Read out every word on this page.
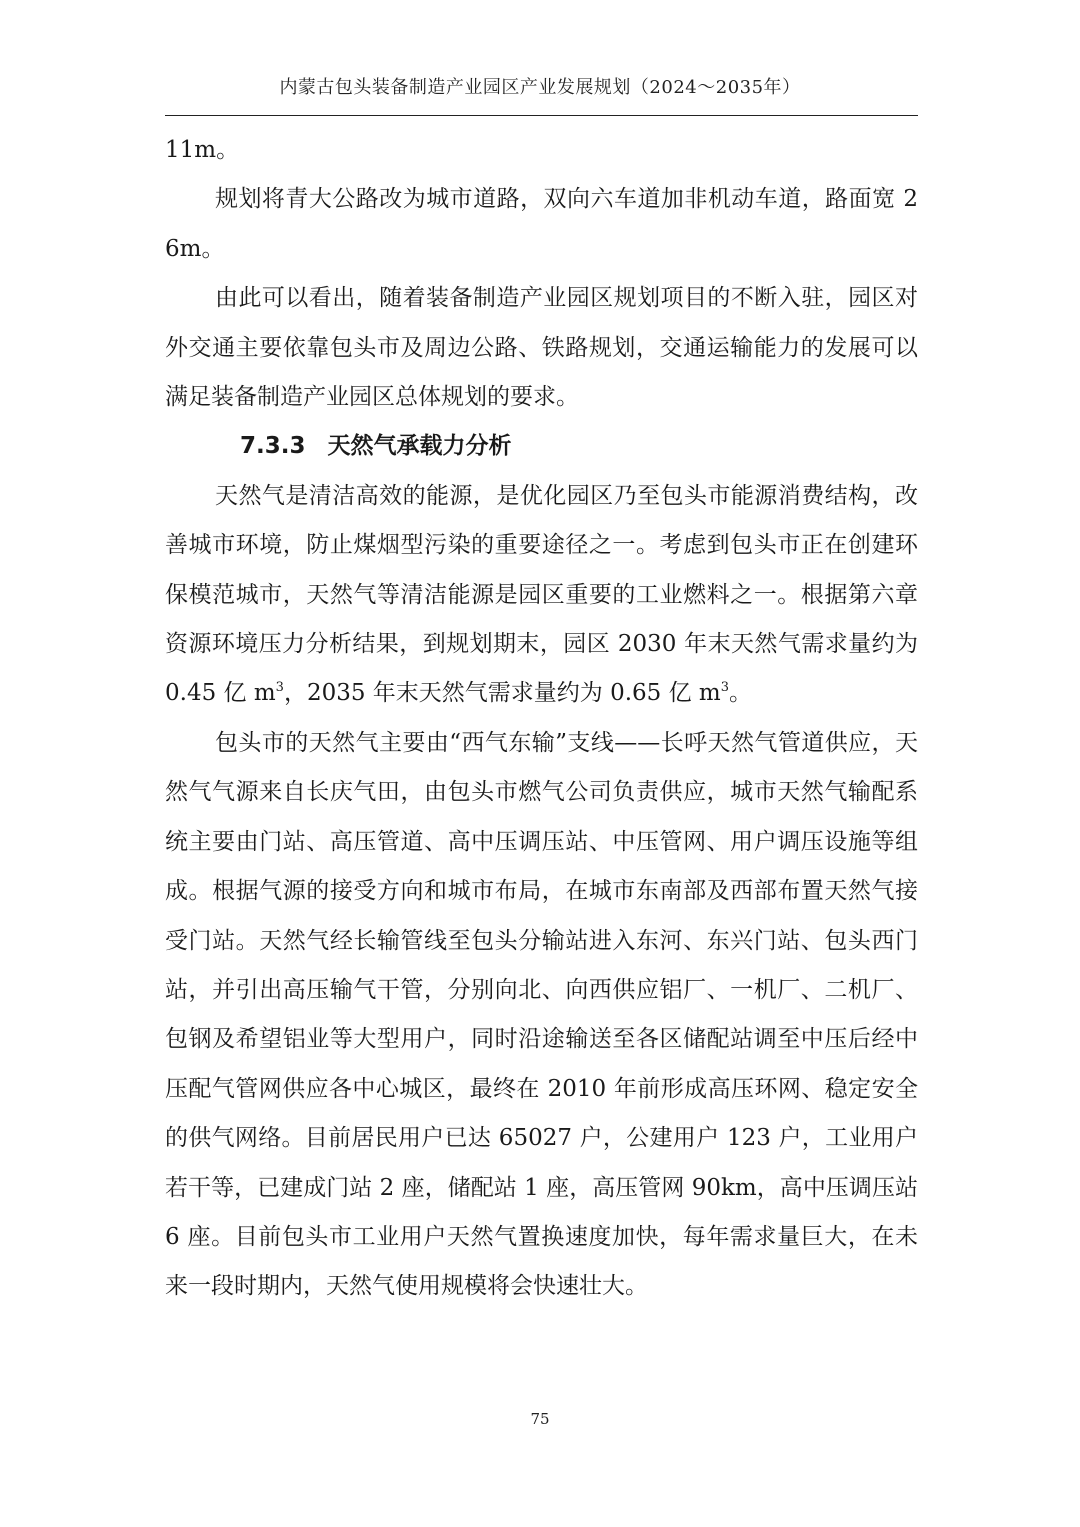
内蒙古包头装备制造产业园区产业发展规划（2024～2035年）

11m。

规划将青大公路改为城市道路，双向六车道加非机动车道，路面宽 26m。

由此可以看出，随着装备制造产业园区规划项目的不断入驻，园区对外交通主要依靠包头市及周边公路、铁路规划，交通运输能力的发展可以满足装备制造产业园区总体规划的要求。

7.3.3 天然气承载力分析

天然气是清洁高效的能源，是优化园区乃至包头市能源消费结构，改善城市环境，防止煤烟型污染的重要途径之一。考虑到包头市正在创建环保模范城市，天然气等清洁能源是园区重要的工业燃料之一。根据第六章资源环境压力分析结果，到规划期末，园区 2030 年末天然气需求量约为 0.45 亿 $m^3$，2035 年末天然气需求量约为 0.65 亿 $m^3$。

包头市的天然气主要由“西气东输”支线——长呼天然气管道供应，天然气气源来自长庆气田，由包头市燃气公司负责供应，城市天然气输配系统主要由门站、高压管道、高中压调压站、中压管网、用户调压设施等组成。根据气源的接受方向和城市布局，在城市东南部及西部布置天然气接受门站。天然气经长输管线至包头分输站进入东河、东兴门站、包头西门站，并引出高压输气干管，分别向北、向西供应铝厂、一机厂、二机厂、包钢及希望铝业等大型用户，同时沿途输送至各区储配站调至中压后经中压配气管网供应各中心城区，最终在 2010 年前形成高压环网、稳定安全的供气网络。目前居民用户已达 65027 户，公建用户 123 户，工业用户若干等，已建成门站 2 座，储配站 1 座，高压管网 90km，高中压调压站 6 座。目前包头市工业用户天然气置换速度加快，每年需求量巨大，在未来一段时期内，天然气使用规模将会快速壮大。

75
